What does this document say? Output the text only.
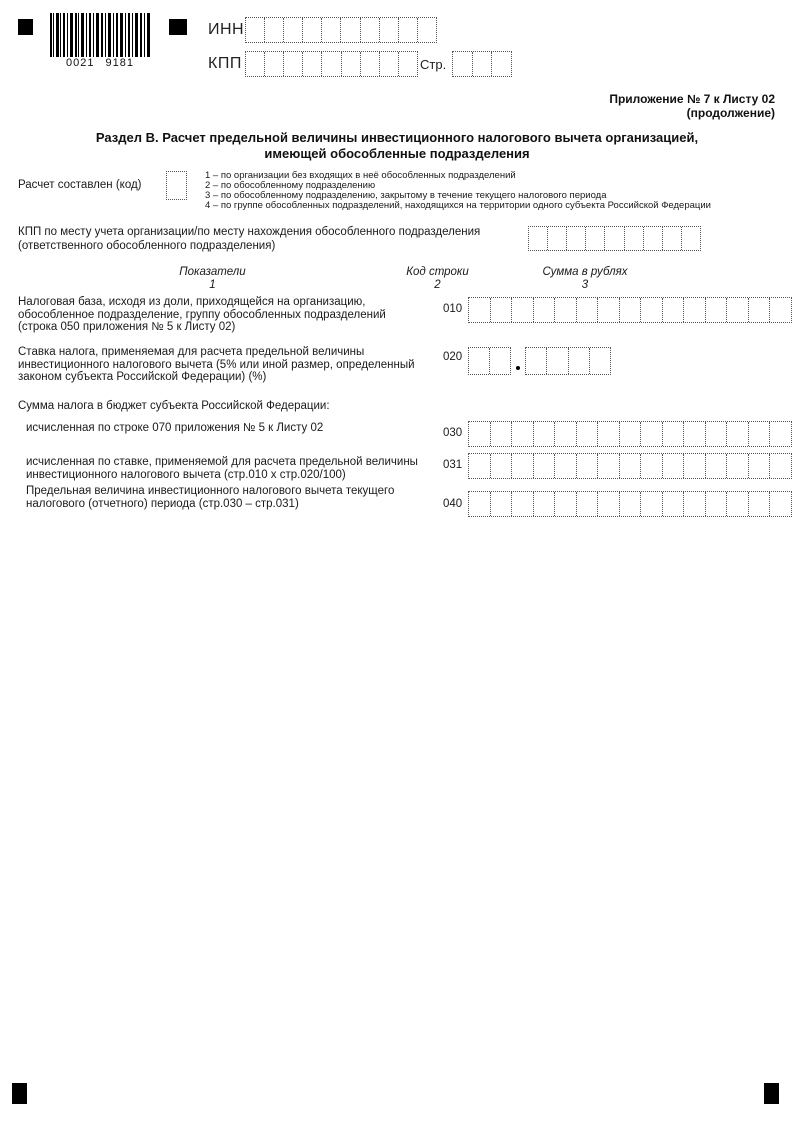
0021 9181
ИНН
КПП	Стр.
Приложение № 7 к Листу 02
(продолжение)
Раздел В. Расчет предельной величины инвестиционного налогового вычета организацией,
имеющей обособленные подразделения
Расчет составлен (код)
1 – по организации без входящих в неё обособленных подразделений
2 – по обособленному подразделению
3 – по обособленному подразделению, закрытому в течение текущего налогового периода
4 – по группе обособленных подразделений, находящихся на территории одного субъекта Российской Федерации
КПП по месту учета организации/по месту нахождения обособленного подразделения
(ответственного обособленного подразделения)
Показатели
1
Код строки
2
Сумма в рублях
3
Налоговая база, исходя из доли, приходящейся на организацию,
обособленное подразделение, группу обособленных подразделений
(строка 050 приложения № 5 к Листу 02)
010
Ставка налога, применяемая для расчета предельной величины
инвестиционного налогового вычета (5% или иной размер, определенный
законом субъекта Российской Федерации) (%)
020
Сумма налога в бюджет субъекта Российской Федерации:
исчисленная по строке 070 приложения № 5 к Листу 02	030
исчисленная по ставке, применяемой для расчета предельной величины
инвестиционного налогового вычета (стр.010 х стр.020/100)
031
Предельная величина инвестиционного налогового вычета текущего
налогового (отчетного) периода (стр.030 – стр.031)	040
